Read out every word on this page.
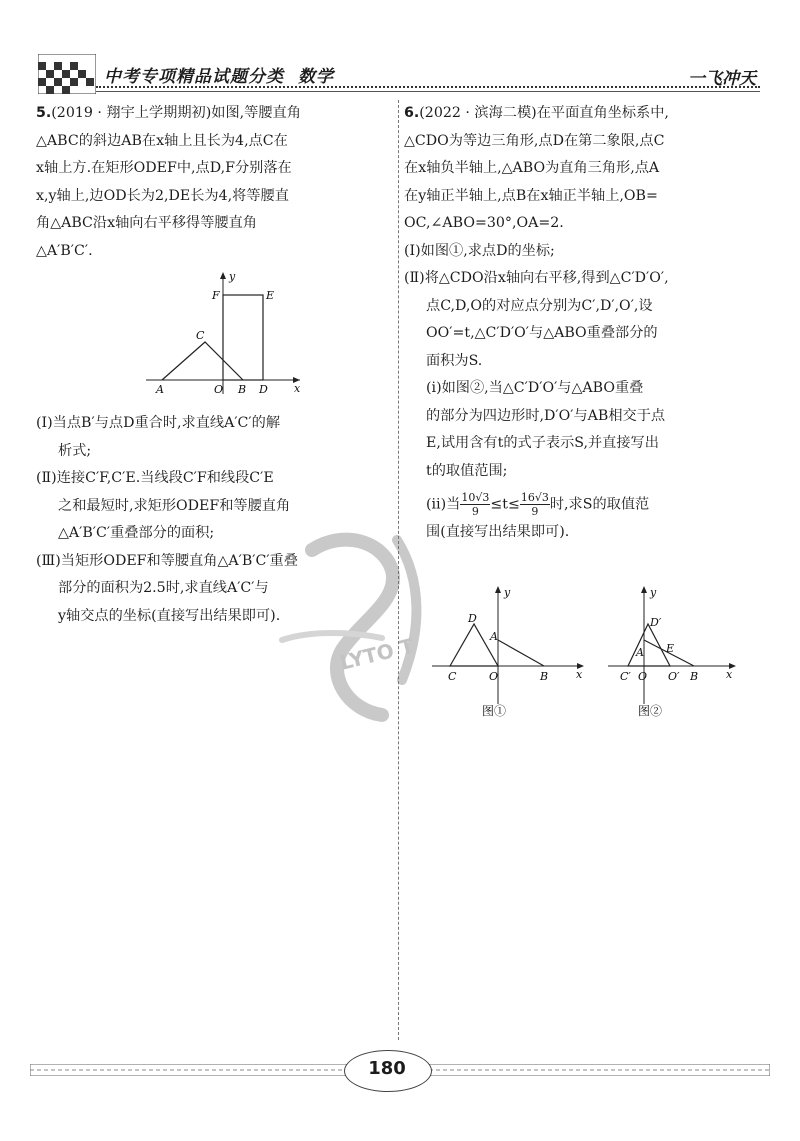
中考专项精品试题分类 数学	一飞冲天

5.(2019 · 翔宇上学期期初)如图,等腰直角

△ABC的斜边AB在x轴上且长为4,点C在

x轴上方.在矩形ODEF中,点D,F分别落在

x,y轴上,边OD长为2,DE长为4,将等腰直

角△ABC沿x轴向右平移得等腰直角

△A′B′C′.

y
x
F	E
C
A	O B D

(Ⅰ)当点B′与点D重合时,求直线A′C′的解

析式;

(Ⅱ)连接C′F,C′E.当线段C′F和线段C′E

之和最短时,求矩形ODEF和等腰直角

△A′B′C′重叠部分的面积;

(Ⅲ)当矩形ODEF和等腰直角△A′B′C′重叠

部分的面积为2.5时,求直线A′C′与

y轴交点的坐标(直接写出结果即可).

6.(2022 · 滨海二模)在平面直角坐标系中,

△CDO为等边三角形,点D在第二象限,点C

在x轴负半轴上,△ABO为直角三角形,点A

在y轴正半轴上,点B在x轴正半轴上,OB=

OC,∠ABO=30°,OA=2.

(Ⅰ)如图①,求点D的坐标;

(Ⅱ)将△CDO沿x轴向右平移,得到△C′D′O′,

点C,D,O的对应点分别为C′,D′,O′,设

OO′=t,△C′D′O′与△ABO重叠部分的

面积为S.

(ⅰ)如图②,当△C′D′O′与△ABO重叠

的部分为四边形时,D′O′与AB相交于点

E,试用含有t的式子表示S,并直接写出

t的取值范围;

(ⅱ)当 $\frac{10√3}{9} \le t\le \frac{16√3}{9}$ 时,求S的取值范

围(直接写出结果即可).

y
x
D
A
C	O	B
图①
y
x
D′
A E
C′ O O′ B
图②
LYTO T
180
